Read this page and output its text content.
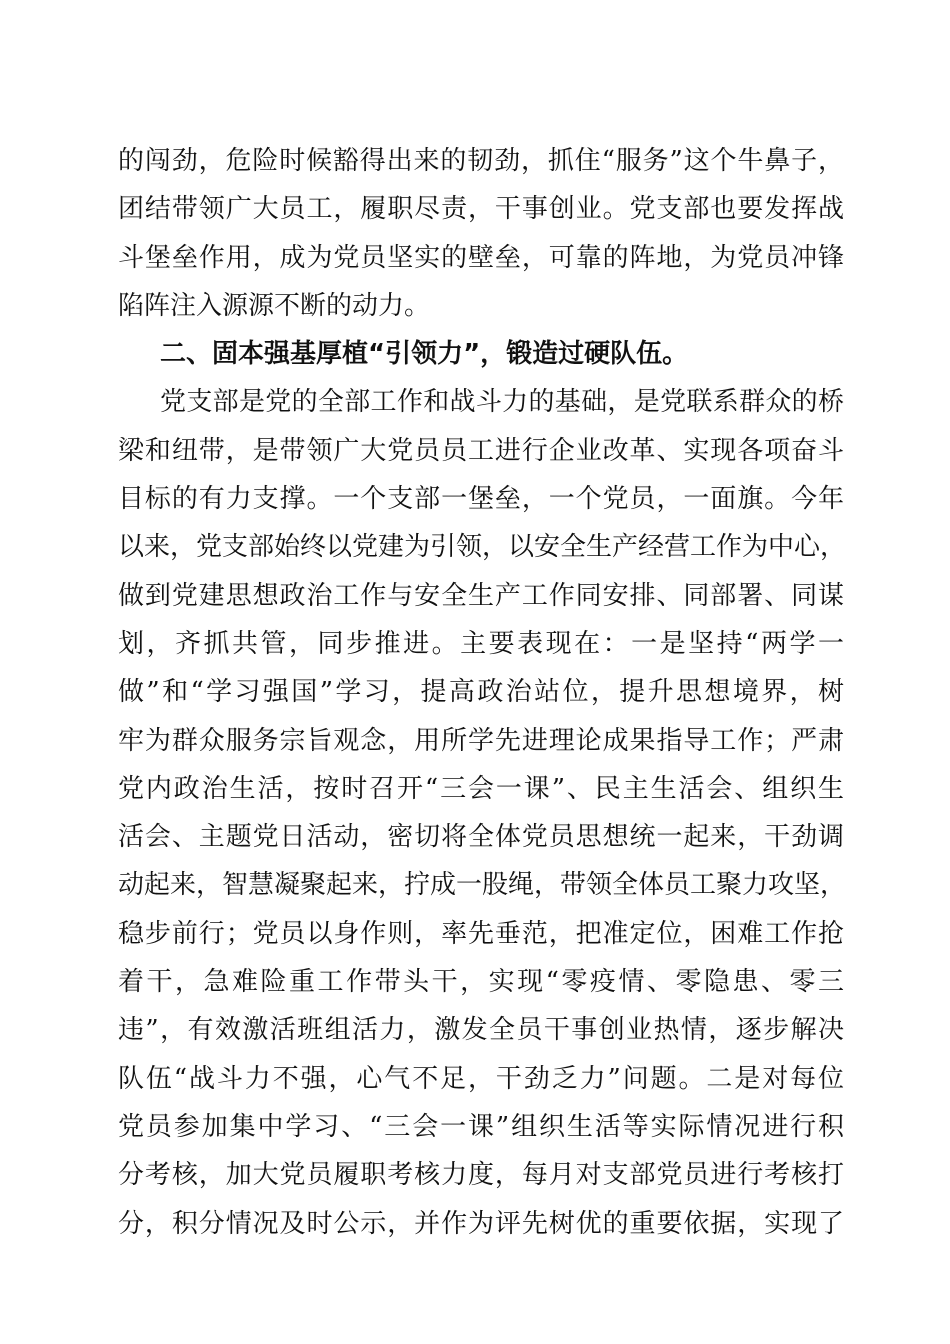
的闯劲，危险时候豁得出来的韧劲，抓住“服务”这个牛鼻子，
团结带领广大员工，履职尽责，干事创业。党支部也要发挥战
斗堡垒作用，成为党员坚实的壁垒，可靠的阵地，为党员冲锋
陷阵注入源源不断的动力。
二、固本强基厚植“引领力”，锻造过硬队伍。
党支部是党的全部工作和战斗力的基础，是党联系群众的桥
梁和纽带，是带领广大党员员工进行企业改革、实现各项奋斗
目标的有力支撑。一个支部一堡垒，一个党员，一面旗。今年
以来，党支部始终以党建为引领，以安全生产经营工作为中心，
做到党建思想政治工作与安全生产工作同安排、同部署、同谋
划，齐抓共管，同步推进。主要表现在：一是坚持“两学一
做”和“学习强国”学习，提高政治站位，提升思想境界，树
牢为群众服务宗旨观念，用所学先进理论成果指导工作；严肃
党内政治生活，按时召开“三会一课”、民主生活会、组织生
活会、主题党日活动，密切将全体党员思想统一起来，干劲调
动起来，智慧凝聚起来，拧成一股绳，带领全体员工聚力攻坚，
稳步前行；党员以身作则，率先垂范，把准定位，困难工作抢
着干，急难险重工作带头干，实现“零疫情、零隐患、零三
违”，有效激活班组活力，激发全员干事创业热情，逐步解决
队伍“战斗力不强，心气不足，干劲乏力”问题。二是对每位
党员参加集中学习、“三会一课”组织生活等实际情况进行积
分考核，加大党员履职考核力度，每月对支部党员进行考核打
分，积分情况及时公示，并作为评先树优的重要依据，实现了
